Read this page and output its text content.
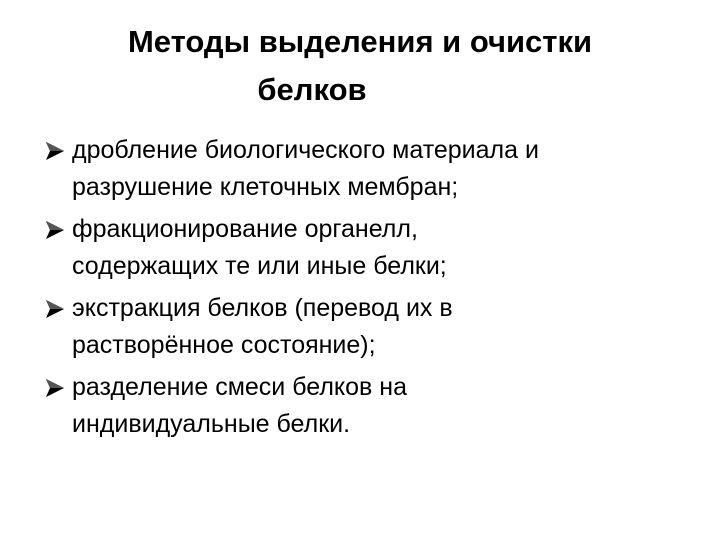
Методы выделения и очистки
белков
дробление биологического материала и
разрушение клеточных мембран;
фракционирование органелл,
содержащих те или иные белки;
экстракция белков (перевод их в
растворённое состояние);
разделение смеси белков на
индивидуальные белки.
